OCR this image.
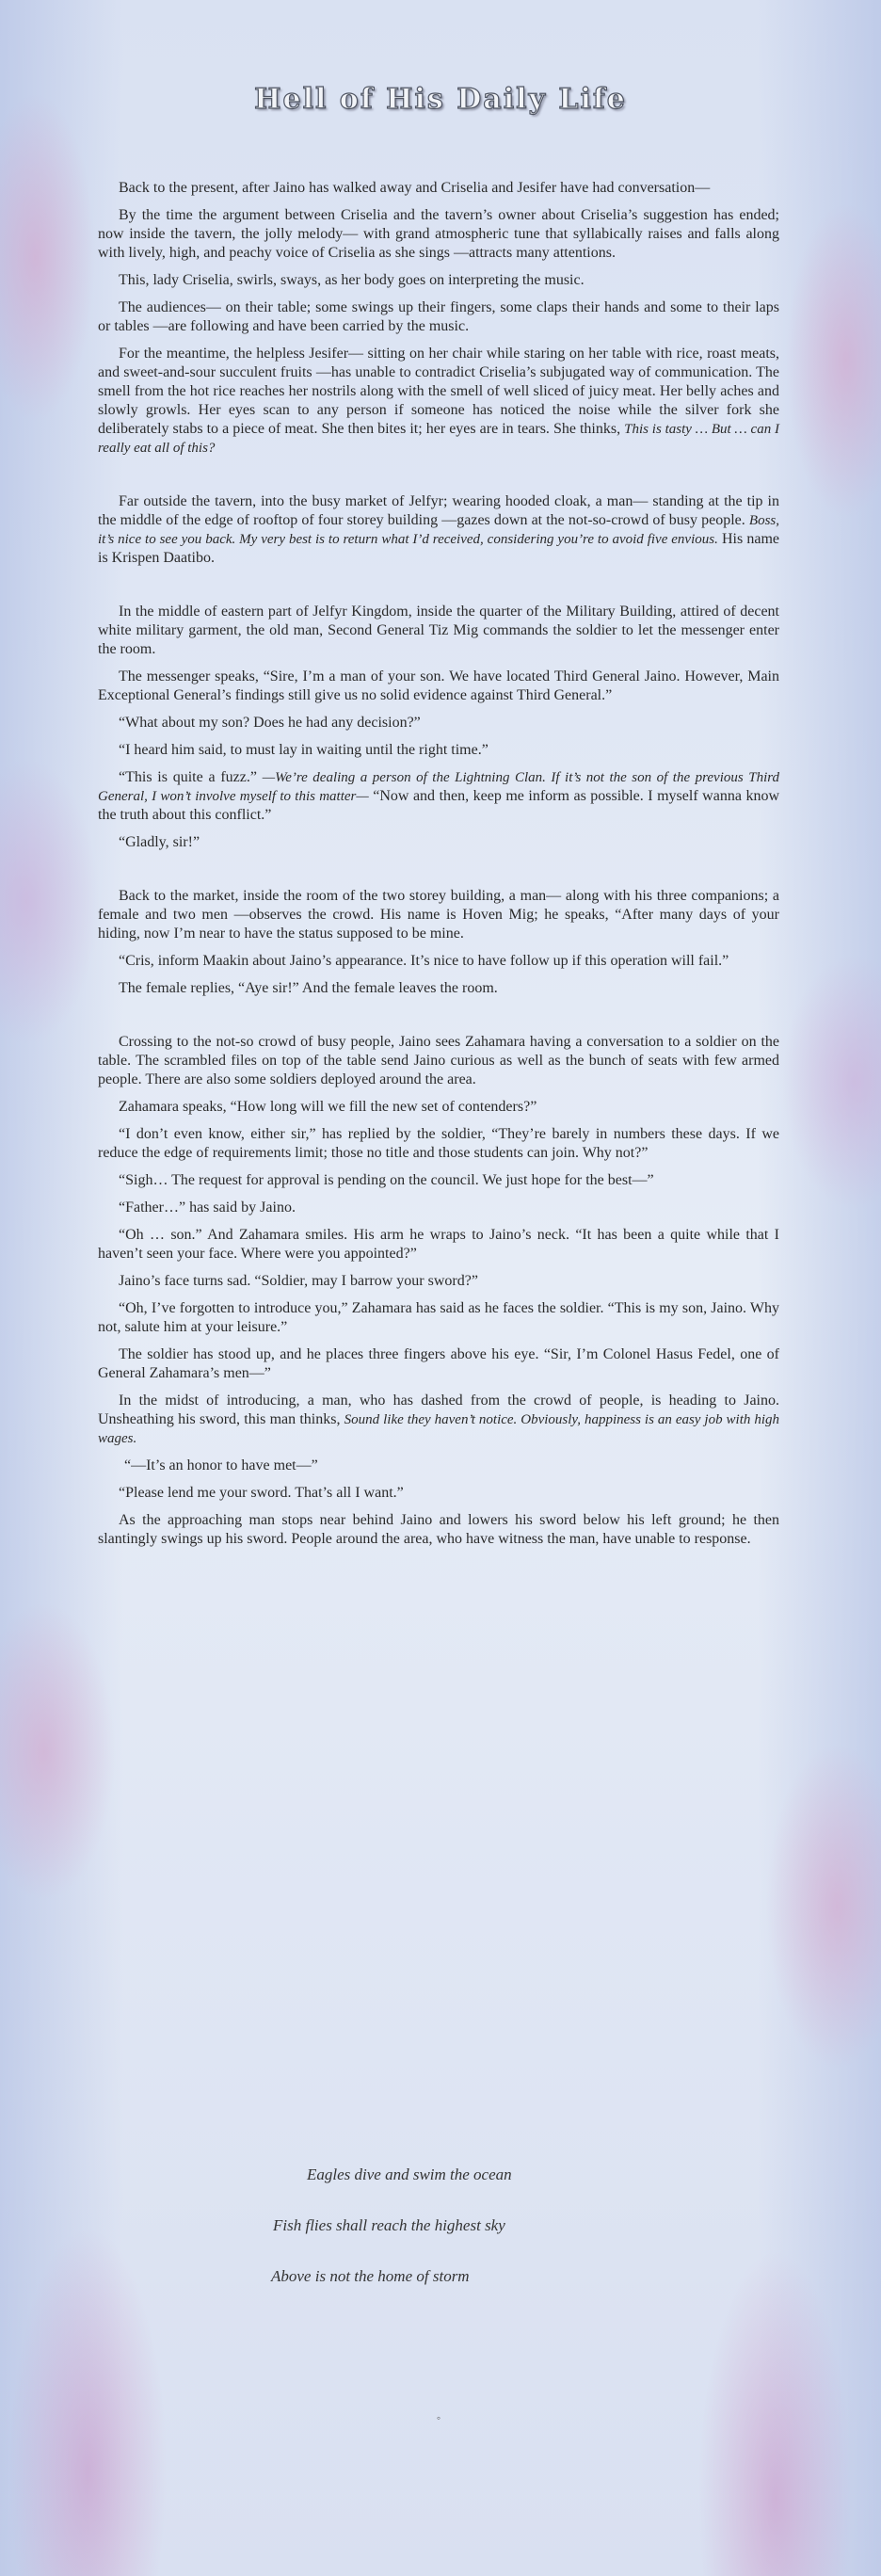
Hell of His Daily Life

Back to the present, after Jaino has walked away and Criselia and Jesifer have had conversation—

By the time the argument between Criselia and the tavern’s owner about Criselia’s suggestion has ended; now inside the tavern, the jolly melody— with grand atmospheric tune that syllabically raises and falls along with lively, high, and peachy voice of Criselia as she sings —attracts many attentions.

This, lady Criselia, swirls, sways, as her body goes on interpreting the music.

The audiences— on their table; some swings up their fingers, some claps their hands and some to their laps or tables —are following and have been carried by the music.

For the meantime, the helpless Jesifer— sitting on her chair while staring on her table with rice, roast meats, and sweet-and-sour succulent fruits —has unable to contradict Criselia’s subjugated way of communication. The smell from the hot rice reaches her nostrils along with the smell of well sliced of juicy meat. Her belly aches and slowly growls. Her eyes scan to any person if someone has noticed the noise while the silver fork she deliberately stabs to a piece of meat. She then bites it; her eyes are in tears. She thinks, This is tasty … But … can I really eat all of this?

Far outside the tavern, into the busy market of Jelfyr; wearing hooded cloak, a man— standing at the tip in the middle of the edge of rooftop of four storey building —gazes down at the not-so-crowd of busy people. Boss, it’s nice to see you back. My very best is to return what I’d received, considering you’re to avoid five envious. His name is Krispen Daatibo.

In the middle of eastern part of Jelfyr Kingdom, inside the quarter of the Military Building, attired of decent white military garment, the old man, Second General Tiz Mig commands the soldier to let the messenger enter the room.

The messenger speaks, “Sire, I’m a man of your son. We have located Third General Jaino. However, Main Exceptional General’s findings still give us no solid evidence against Third General.”

“What about my son? Does he had any decision?”

“I heard him said, to must lay in waiting until the right time.”

“This is quite a fuzz.” —We’re dealing a person of the Lightning Clan. If it’s not the son of the previous Third General, I won’t involve myself to this matter— “Now and then, keep me inform as possible. I myself wanna know the truth about this conflict.”

“Gladly, sir!”

Back to the market, inside the room of the two storey building, a man— along with his three companions; a female and two men —observes the crowd. His name is Hoven Mig; he speaks, “After many days of your hiding, now I’m near to have the status supposed to be mine.

“Cris, inform Maakin about Jaino’s appearance. It’s nice to have follow up if this operation will fail.”

The female replies, “Aye sir!” And the female leaves the room.

Crossing to the not-so crowd of busy people, Jaino sees Zahamara having a conversation to a soldier on the table. The scrambled files on top of the table send Jaino curious as well as the bunch of seats with few armed people. There are also some soldiers deployed around the area.

Zahamara speaks, “How long will we fill the new set of contenders?”

“I don’t even know, either sir,” has replied by the soldier, “They’re barely in numbers these days. If we reduce the edge of requirements limit; those no title and those students can join. Why not?”

“Sigh… The request for approval is pending on the council. We just hope for the best—”

“Father…” has said by Jaino.

“Oh … son.” And Zahamara smiles. His arm he wraps to Jaino’s neck. “It has been a quite while that I haven’t seen your face. Where were you appointed?”

Jaino’s face turns sad. “Soldier, may I barrow your sword?”

“Oh, I’ve forgotten to introduce you,” Zahamara has said as he faces the soldier. “This is my son, Jaino. Why not, salute him at your leisure.”

The soldier has stood up, and he places three fingers above his eye. “Sir, I’m Colonel Hasus Fedel, one of General Zahamara’s men—”

In the midst of introducing, a man, who has dashed from the crowd of people, is heading to Jaino. Unsheathing his sword, this man thinks, Sound like they haven’t notice. Obviously, happiness is an easy job with high wages.

“—It’s an honor to have met—”

“Please lend me your sword. That’s all I want.”

As the approaching man stops near behind Jaino and lowers his sword below his left ground; he then slantingly swings up his sword. People around the area, who have witness the man, have unable to response.

Eagles dive and swim the ocean
Fish flies shall reach the highest sky
Above is not the home of storm
◦
